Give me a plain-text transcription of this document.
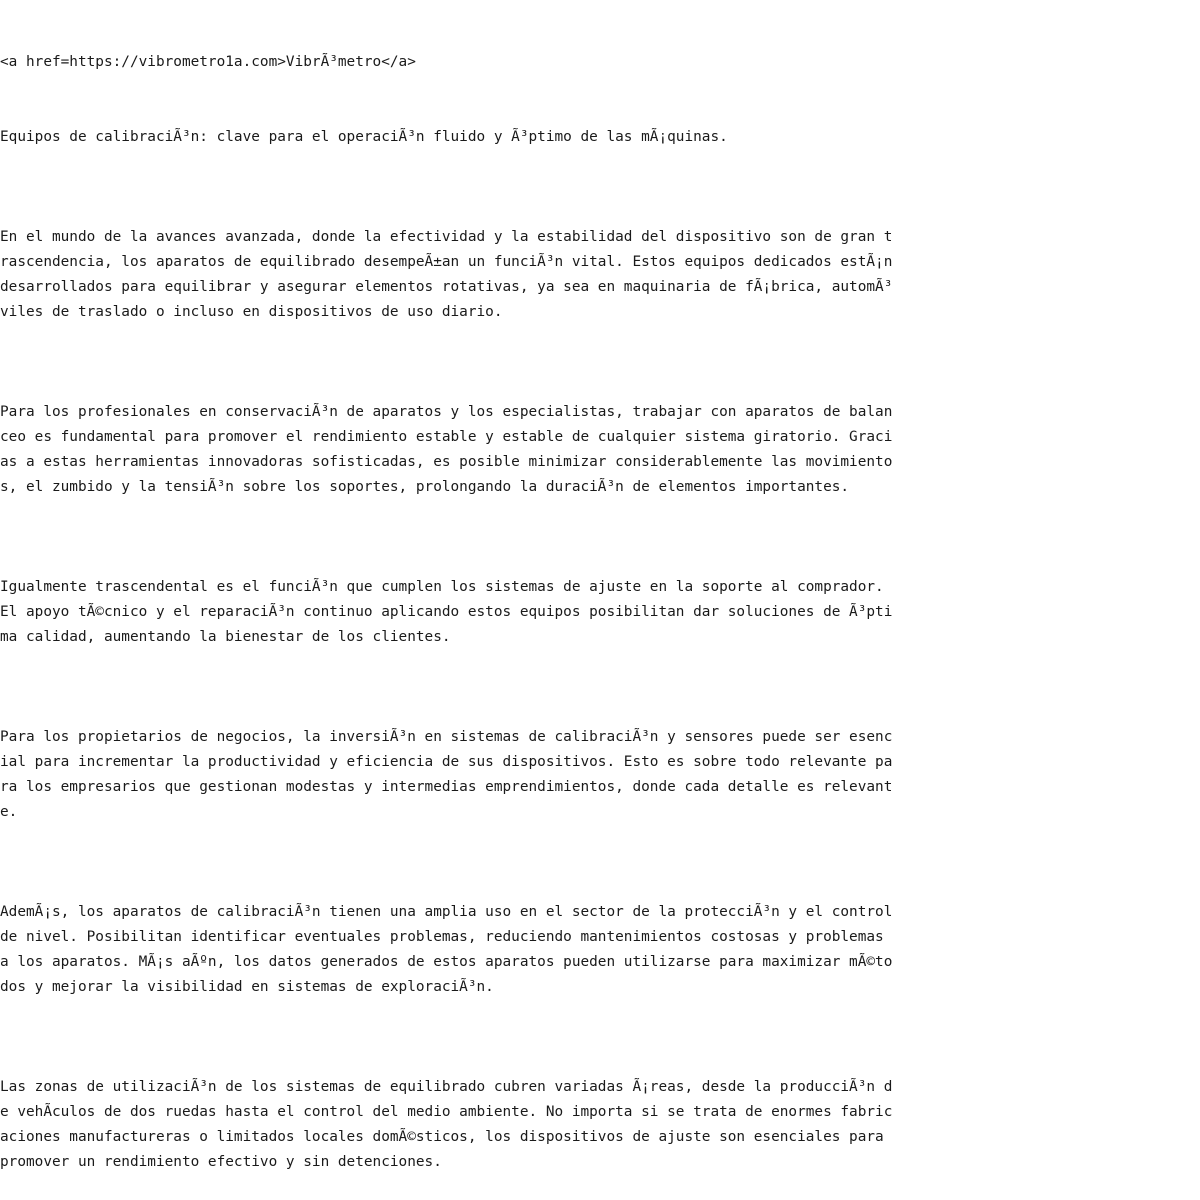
<a href=https://vibrometro1a.com>VibrÃ³metro</a>

Equipos de calibraciÃ³n: clave para el operaciÃ³n fluido y Ã³ptimo de las mÃ¡quinas.

En el mundo de la avances avanzada, donde la efectividad y la estabilidad del dispositivo son de gran trascendencia, los aparatos de equilibrado desempeÃ±an un funciÃ³n vital. Estos equipos dedicados estÃ¡n desarrollados para equilibrar y asegurar elementos rotativas, ya sea en maquinaria de fÃ¡brica, automÃ³viles de traslado o incluso en dispositivos de uso diario.

Para los profesionales en conservaciÃ³n de aparatos y los especialistas, trabajar con aparatos de balanceo es fundamental para promover el rendimiento estable y estable de cualquier sistema giratorio. Gracias a estas herramientas innovadoras sofisticadas, es posible minimizar considerablemente las movimientos, el zumbido y la tensiÃ³n sobre los soportes, prolongando la duraciÃ³n de elementos importantes.

Igualmente trascendental es el funciÃ³n que cumplen los sistemas de ajuste en la soporte al comprador. El apoyo tÃ©cnico y el reparaciÃ³n continuo aplicando estos equipos posibilitan dar soluciones de Ã³ptima calidad, aumentando la bienestar de los clientes.

Para los propietarios de negocios, la inversiÃ³n en sistemas de calibraciÃ³n y sensores puede ser esencial para incrementar la productividad y eficiencia de sus dispositivos. Esto es sobre todo relevante para los empresarios que gestionan modestas y intermedias emprendimientos, donde cada detalle es relevante.

AdemÃ¡s, los aparatos de calibraciÃ³n tienen una amplia uso en el sector de la protecciÃ³n y el control de nivel. Posibilitan identificar eventuales problemas, reduciendo mantenimientos costosas y problemas a los aparatos. MÃ¡s aÃºn, los datos generados de estos aparatos pueden utilizarse para maximizar mÃ©todos y mejorar la visibilidad en sistemas de exploraciÃ³n.

Las zonas de utilizaciÃ³n de los sistemas de equilibrado cubren variadas Ã¡reas, desde la producciÃ³n de vehÃculos de dos ruedas hasta el control del medio ambiente. No importa si se trata de enormes fabricaciones manufactureras o limitados locales domÃ©sticos, los dispositivos de ajuste son esenciales para promover un rendimiento efectivo y sin detenciones.
